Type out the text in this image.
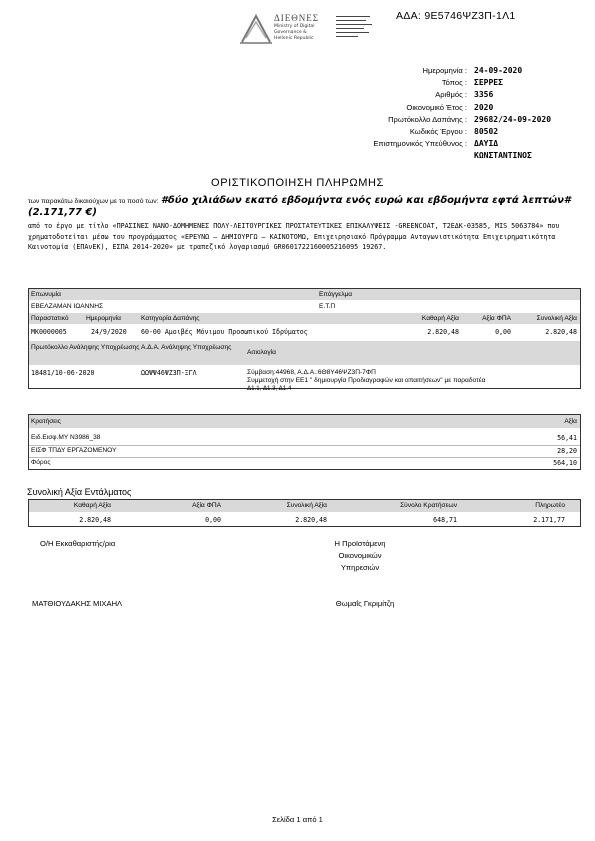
ΔΙΕΘΝΕΣ
Ministry of Digital
Governance &
Hellenic Republic
ΑΔΑ: 9Ε5746ΨΖ3Π-1Λ1
Ημερομηνία : 24-09-2020
Τόπος : ΣΕΡΡΕΣ
Αριθμός : 3356
Οικονομικό Έτος : 2020
Πρωτόκολλο Δαπάνης : 29682/24-09-2020
Κωδικός Έργου : 80502
Επιστημονικός Υπεύθυνος : ΔΑΥΙΔ
ΚΩΝΣΤΑΝΤΙΝΟΣ
ΟΡΙΣΤΙΚΟΠΟΙΗΣΗ ΠΛΗΡΩΜΗΣ
των παρακάτω δικαιούχων με το ποσό των: #δύο χιλιάδων εκατό εβδομήντα ενός ευρώ και εβδομήντα εφτά λεπτών# (2.171,77 €)
από το έργο με τίτλο «ΠΡΑΣΙΝΕΣ ΝΑΝΟ-ΔΟΜΗΜΕΝΕΣ ΠΟΛΥ-ΛΕΙΤΟΥΡΓΙΚΕΣ ΠΡΟΣΤΑΤΕΥΤΙΚΕΣ ΕΠΙΚΑΛΥΨΕΙΣ -GREENCOAT, Τ2ΕΔΚ-03585, MIS 5063784» που χρηματοδοτείται μέσω του προγράμματος «ΕΡΕΥΝΩ – ΔΗΜΙΟΥΡΓΩ – ΚΑΙΝΟΤΟΜΩ, Επιχειρησιακό Πρόγραμμα Ανταγωνιστικότητα Επιχειρηματικότητα Καινοτομία (ΕΠΑνΕΚ), ΕΣΠΑ 2014-2020» με τραπεζικό λογαριασμό GR0601722160005216095 19267.
Επωνυμία	Επάγγελμα
ΕΒΕΛΖΑΜΑΝ ΙΩΑΝΝΗΣ	Ε.Τ.Π
Παραστατικό	Ημερομηνία	Κατηγορία Δαπάνης	Καθαρή Αξία	Αξία ΦΠΑ	Συνολική Αξία
ΜΚ0000005	24/9/2020 60-00 Αμοιβές Μόνιμου Προσωπικού Ιδρύματος	2.820,48	0,00	2.820,48
Πρωτόκολλο Ανάληψης Υποχρέωσης Α.Δ.Α. Ανάληψης Υποχρέωσης
Αιτιολογία
18481/10-06-2020	ΩΩΨΨ46ΨΖ3Π-ΞΓΛ	Σύμβαση:44968, Α.Δ.Α.:6Θ8Υ46ΨΖ3Π-7ΦΠ
Συμμετοχή στην ΕΕ1 " δημιουργία Προδιαγραφών και απαιτήσεων" με παραδοτέα
Δ1.1, Δ1.3, Δ1.4
Κρατήσεις	Αξία
Ειδ.Εισφ.ΜΥ Ν3986_38	56,41
ΕΙΣΦ ΤΠΔΥ ΕΡΓΑΖΟΜΕΝΟΥ	28,20
Φόρος	564,10
Συνολική Αξία Εντάλματος
Καθαρή Αξία	Αξία ΦΠΑ	Συνολική Αξία	Σύνολο Κρατήσεων	Πληρωτέο
2.820,48	0,00	2.820,48	648,71	2.171,77
Ο/Η Εκκαθαριστής/ρια	Η Προϊστάμενη
Οικονομικών
Υπηρεσιών
ΜΑΤΘΙΟΥΔΑΚΗΣ ΜΙΧΑΗΛ	Θωμαΐς Γκριμίτζη
Σελίδα 1 από 1
